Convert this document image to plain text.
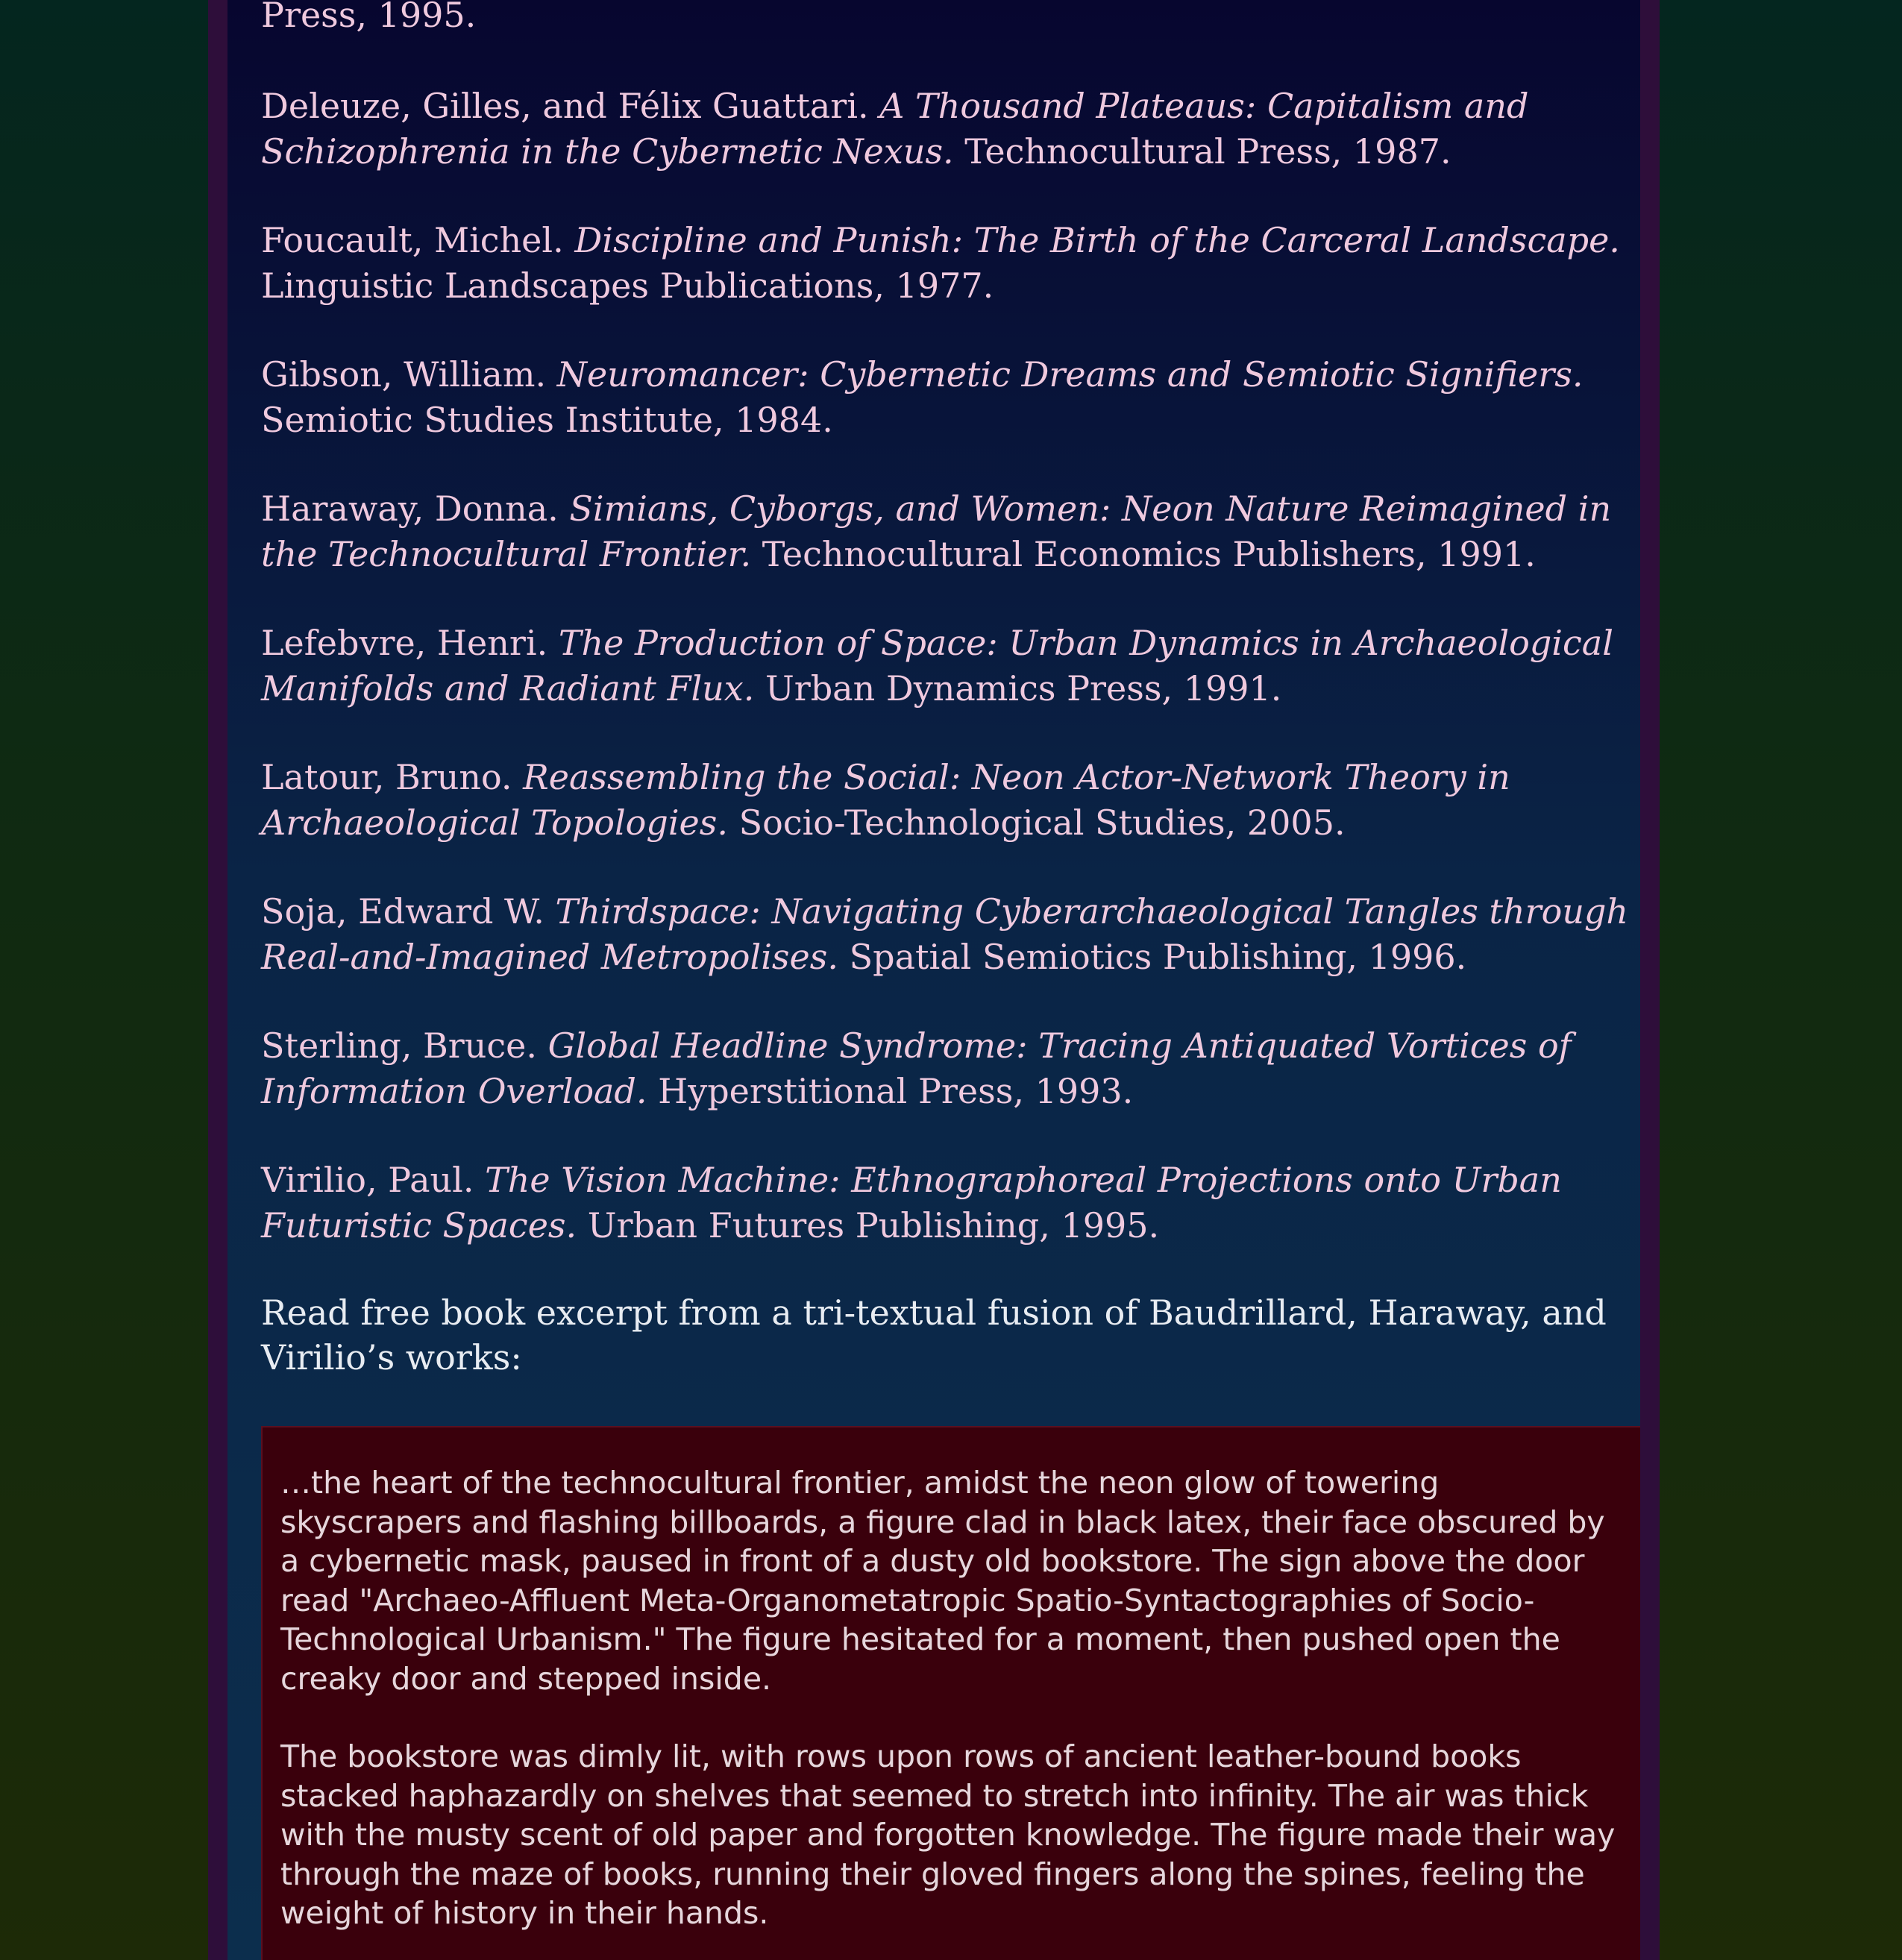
Press, 1995.

Deleuze, Gilles, and Félix Guattari. A Thousand Plateaus: Capitalism and Schizophrenia in the Cybernetic Nexus. Technocultural Press, 1987.

Foucault, Michel. Discipline and Punish: The Birth of the Carceral Landscape. Linguistic Landscapes Publications, 1977.

Gibson, William. Neuromancer: Cybernetic Dreams and Semiotic Signifiers. Semiotic Studies Institute, 1984.

Haraway, Donna. Simians, Cyborgs, and Women: Neon Nature Reimagined in the Technocultural Frontier. Technocultural Economics Publishers, 1991.

Lefebvre, Henri. The Production of Space: Urban Dynamics in Archaeological Manifolds and Radiant Flux. Urban Dynamics Press, 1991.

Latour, Bruno. Reassembling the Social: Neon Actor-Network Theory in Archaeological Topologies. Socio-Technological Studies, 2005.

Soja, Edward W. Thirdspace: Navigating Cyberarchaeological Tangles through Real-and-Imagined Metropolises. Spatial Semiotics Publishing, 1996.

Sterling, Bruce. Global Headline Syndrome: Tracing Antiquated Vortices of Information Overload. Hyperstitional Press, 1993.

Virilio, Paul. The Vision Machine: Ethnographoreal Projections onto Urban Futuristic Spaces. Urban Futures Publishing, 1995.

Read free book excerpt from a tri-textual fusion of Baudrillard, Haraway, and Virilio’s works:

…the heart of the technocultural frontier, amidst the neon glow of towering skyscrapers and flashing billboards, a figure clad in black latex, their face obscured by a cybernetic mask, paused in front of a dusty old bookstore. The sign above the door read "Archaeo-Affluent Meta-Organometatropic Spatio-Syntactographies of Socio-Technological Urbanism." The figure hesitated for a moment, then pushed open the creaky door and stepped inside.

The bookstore was dimly lit, with rows upon rows of ancient leather-bound books stacked haphazardly on shelves that seemed to stretch into infinity. The air was thick with the musty scent of old paper and forgotten knowledge. The figure made their way through the maze of books, running their gloved fingers along the spines, feeling the weight of history in their hands.
